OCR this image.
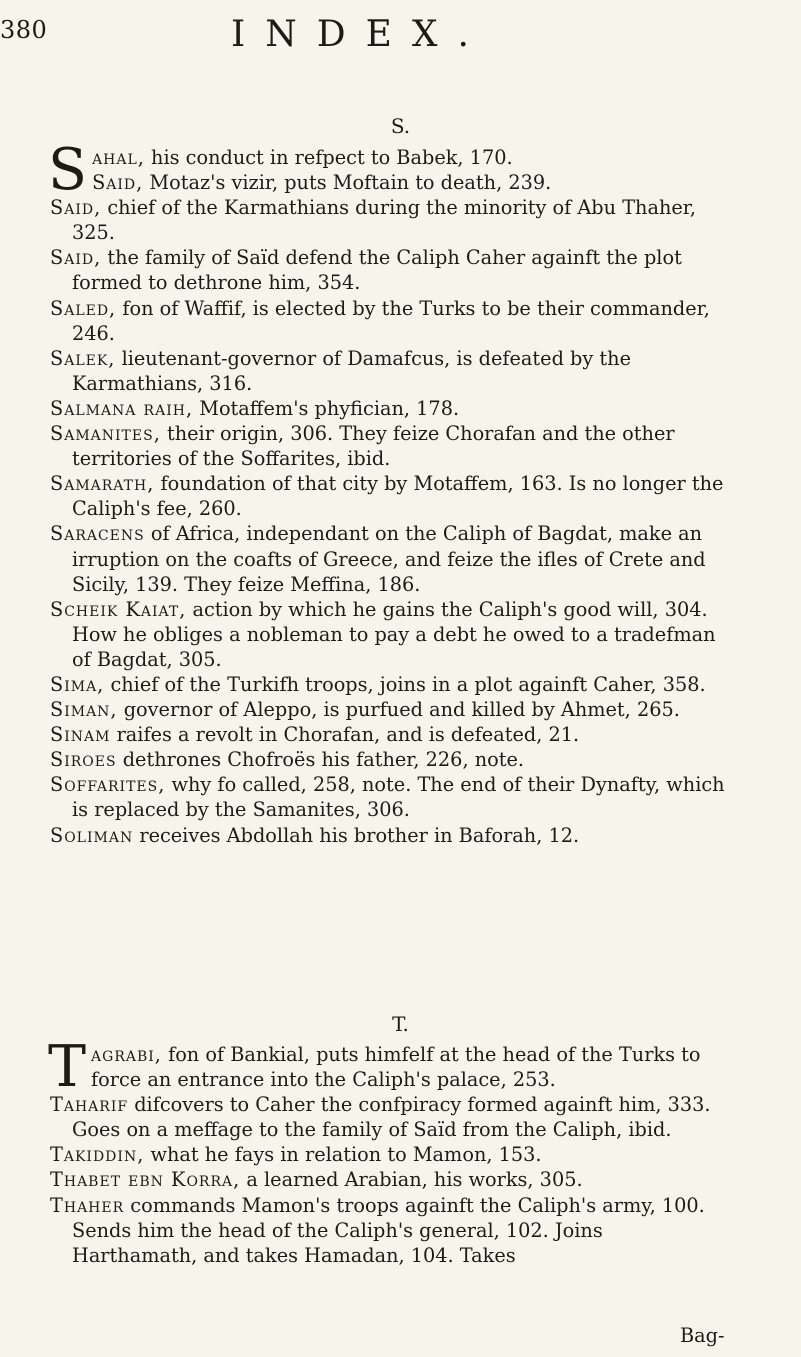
380	INDEX.
S.

Sahal, his conduct in refpect to Babek, 170.
Said, Motaz's vizir, puts Moftain to death, 239.

Said, chief of the Karmathians during the minority of Abu Thaher, 325.

Said, the family of Saïd defend the Caliph Caher againft the plot formed to dethrone him, 354.

Saled, fon of Waffif, is elected by the Turks to be their commander, 246.

Salek, lieutenant-governor of Damafcus, is defeated by the Karmathians, 316.

Salmana raih, Motaffem's phyfician, 178.

Samanites, their origin, 306. They feize Chorafan and the other territories of the Soffarites, ibid.

Samarath, foundation of that city by Motaffem, 163. Is no longer the Caliph's fee, 260.

Saracens of Africa, independant on the Caliph of Bagdat, make an irruption on the coafts of Greece, and feize the ifles of Crete and Sicily, 139. They feize Meffina, 186.

Scheik Kaiat, action by which he gains the Caliph's good will, 304. How he obliges a nobleman to pay a debt he owed to a tradefman of Bagdat, 305.

Sima, chief of the Turkifh troops, joins in a plot againft Caher, 358.

Siman, governor of Aleppo, is purfued and killed by Ahmet, 265.

Sinam raifes a revolt in Chorafan, and is defeated, 21.

Siroes dethrones Chofroës his father, 226, note.

Soffarites, why fo called, 258, note. The end of their Dynafty, which is replaced by the Samanites, 306.

Soliman receives Abdollah his brother in Baforah, 12.

T.

Tagrabi, fon of Bankial, puts himfelf at the head of the Turks to force an entrance into the Caliph's palace, 253.

Taharif difcovers to Caher the confpiracy formed againft him, 333. Goes on a meffage to the family of Saïd from the Caliph, ibid.

Takiddin, what he fays in relation to Mamon, 153.

Thabet ebn Korra, a learned Arabian, his works, 305.

Thaher commands Mamon's troops againft the Caliph's army, 100. Sends him the head of the Caliph's general, 102. Joins Harthamath, and takes Hamadan, 104. Takes

Bag-
